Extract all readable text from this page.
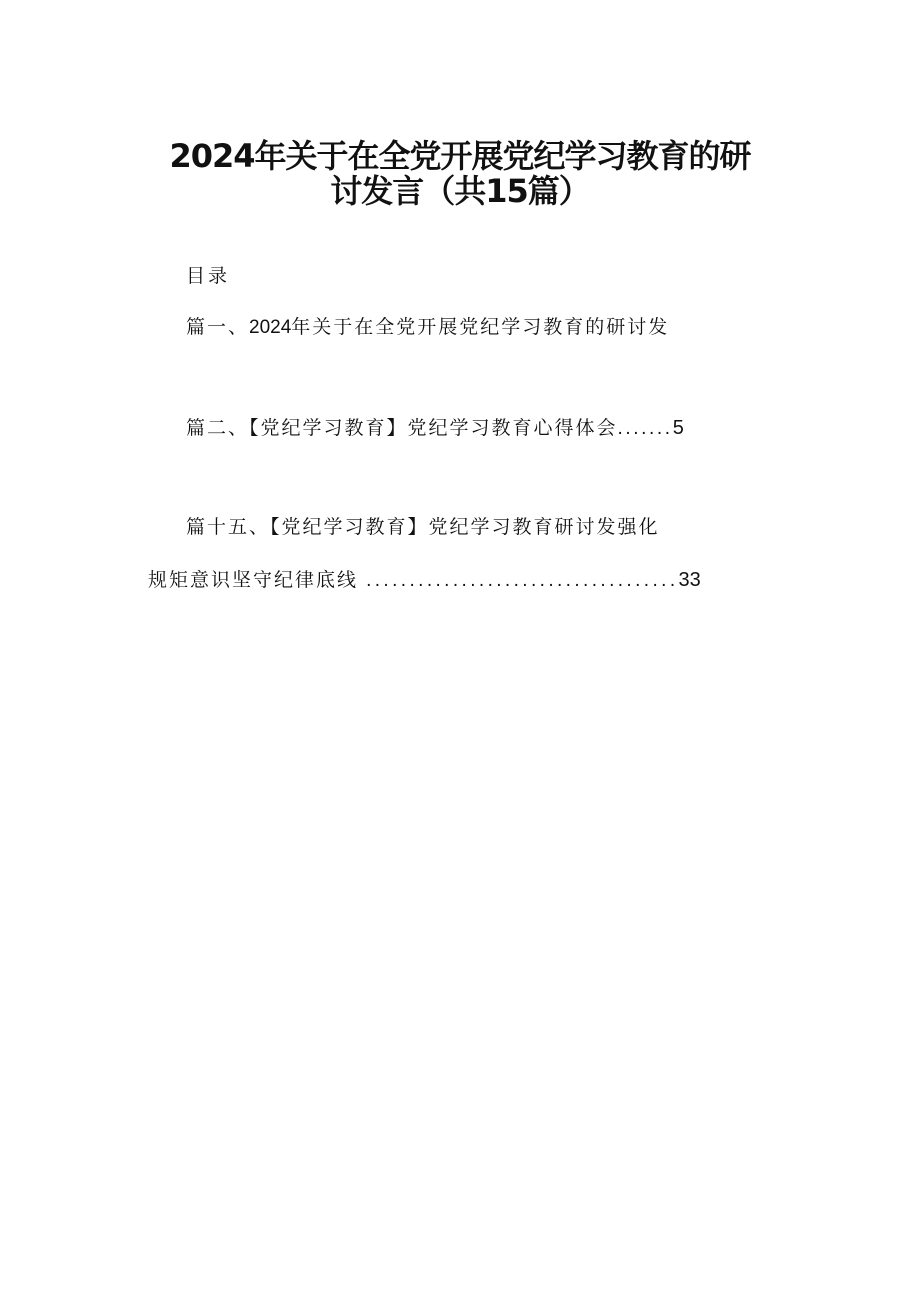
2024年关于在全党开展党纪学习教育的研
讨发言（共15篇）
目录
篇一、2024年关于在全党开展党纪学习教育的研讨发
篇二、【党纪学习教育】党纪学习教育心得体会.......5
篇十五、【党纪学习教育】党纪学习教育研讨发强化
规矩意识坚守纪律底线 ....................................33
